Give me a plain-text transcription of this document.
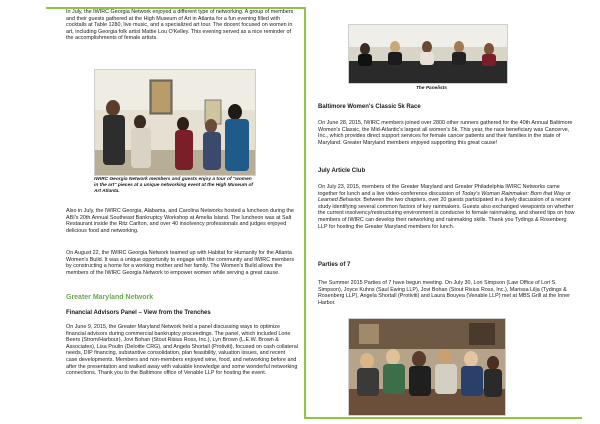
In July, the IWIRC Georgia Network enjoyed a different type of networking. A group of members and their guests gathered at the High Museum of Art in Atlanta for a fun evening filled with cocktails at Table 1280, live music, and a specialized art tour. The docent focused on women in art, including Georgia folk artist Mattie Lou O'Kelley. This evening served as a nice reminder of the accomplishments of female artists.

IWIRC Georgia Network members and guests enjoy a tour of "women in the art" pieces at a unique networking event at the High Museum of Art Atlanta.

Also in July, the IWIRC Georgia, Alabama, and Carolina Networks hosted a luncheon during the ABI's 20th Annual Southeast Bankruptcy Workshop at Amelia Island. The luncheon was at Salt Restaurant inside the Ritz Carlton, and over 40 insolvency professionals and judges enjoyed delicious food and networking.

On August 22, the IWIRC Georgia Network teamed up with Habitat for Humanity for the Atlanta Women's Build. It was a unique opportunity to engage with the community and IWIRC members by constructing a home for a working mother and her family. The Women's Build allows the members of the IWIRC Georgia Network to empower women while serving a great cause.

Greater Maryland Network

Financial Advisors Panel – View from the Trenches

On June 9, 2015, the Greater Maryland Network held a panel discussing ways to optimize financial advisors during commercial bankruptcy proceedings. The panel, which included Lorie Beers (Strom/Harbour), Jovi Bohan (Stout Risius Ross, Inc.), Lyn Brown (L.E.W. Brown & Associates), Lisa Poulin (Deloitte CRG), and Angela Shortall (Protiviti), focused on cash collateral needs, DIP financing, substantive consolidation, plan feasibility, valuation issues, and recent case developments. Members and non-members enjoyed wine, food, and networking before and after the presentation and walked away with valuable knowledge and some wonderful networking connections. Thank you to the Baltimore office of Venable LLP for hosting the event.

The Panelists

Baltimore Women's Classic 5k Race

On June 28, 2015, IWIRC members joined over 2800 other runners gathered for the 40th Annual Baltimore Women's Classic, the Mid-Atlantic's largest all women's 5k. This year, the race beneficiary was Cancerve, Inc., which provides direct support services for female cancer patients and their families in the state of Maryland. Greater Maryland members enjoyed supporting this great cause!

July Article Club

On July 23, 2015, members of the Greater Maryland and Greater Philadelphia IWIRC Networks came together for lunch and a live video-conference discussion of Today's Woman Rainmaker: Born that Way or Learned Behavior. Between the two chapters, over 20 guests participated in a lively discussion of a recent study identifying several common factors of key rainmakers. Guests also exchanged viewpoints on whether the current insolvency/restructuring environment is conducive to female rainmaking, and shared tips on how members of IWIRC can develop their networking and rainmaking skills. Thank you Tydings & Rosenberg LLP for hosting the Greater Maryland members for lunch.

Parties of 7

The Summer 2015 Parties of 7 have begun meeting. On July 30, Lori Simpson (Law Office of Lori S. Simpson), Joyce Kuhns (Saul Ewing LLP), Jovi Bohan (Stout Risius Ross, Inc.), Marissa Lilja (Tydings & Rosenberg LLP), Angela Shortall (Protiviti) and Laura Bouyea (Venable LLP) met at MBS Grill at the Inner Harbor.
